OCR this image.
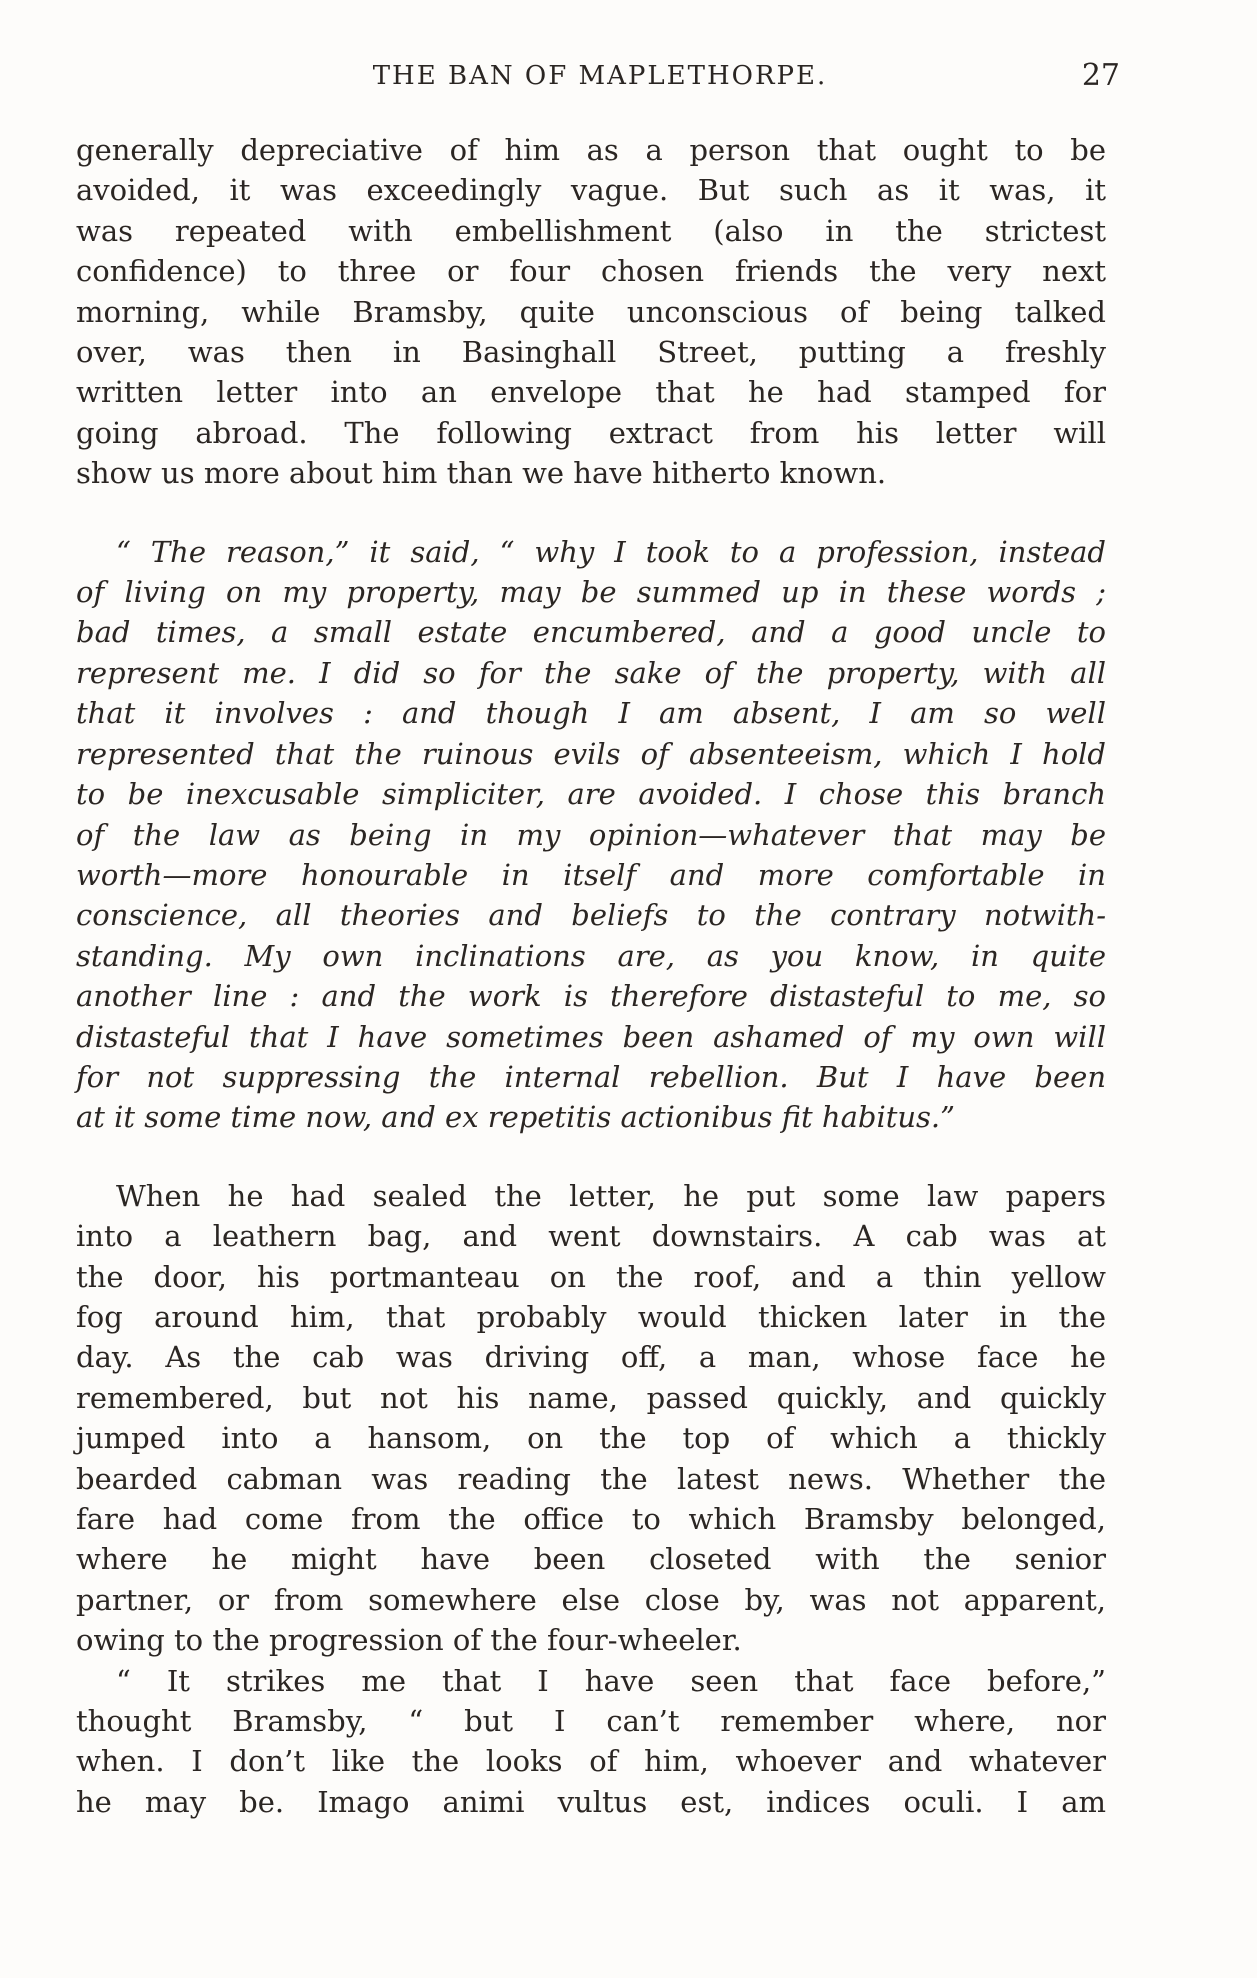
THE BAN OF MAPLETHORPE.	27
generally depreciative of him as a person that ought to be
avoided, it was exceedingly vague. But such as it was, it
was repeated with embellishment (also in the strictest
confidence) to three or four chosen friends the very next
morning, while Bramsby, quite unconscious of being talked
over, was then in Basinghall Street, putting a freshly
written letter into an envelope that he had stamped for
going abroad. The following extract from his letter will
show us more about him than we have hitherto known.
“ The reason,” it said, “ why I took to a profession, instead
of living on my property, may be summed up in these words ;
bad times, a small estate encumbered, and a good uncle to
represent me. I did so for the sake of the property, with all
that it involves : and though I am absent, I am so well
represented that the ruinous evils of absenteeism, which I hold
to be inexcusable simpliciter, are avoided. I chose this branch
of the law as being in my opinion—whatever that may be
worth—more honourable in itself and more comfortable in
conscience, all theories and beliefs to the contrary notwith-
standing. My own inclinations are, as you know, in quite
another line : and the work is therefore distasteful to me, so
distasteful that I have sometimes been ashamed of my own will
for not suppressing the internal rebellion. But I have been
at it some time now, and ex repetitis actionibus fit habitus.”
When he had sealed the letter, he put some law papers
into a leathern bag, and went downstairs. A cab was at
the door, his portmanteau on the roof, and a thin yellow
fog around him, that probably would thicken later in the
day. As the cab was driving off, a man, whose face he
remembered, but not his name, passed quickly, and quickly
jumped into a hansom, on the top of which a thickly
bearded cabman was reading the latest news. Whether the
fare had come from the office to which Bramsby belonged,
where he might have been closeted with the senior
partner, or from somewhere else close by, was not apparent,
owing to the progression of the four-wheeler.
“ It strikes me that I have seen that face before,”
thought Bramsby, “ but I can’t remember where, nor
when. I don’t like the looks of him, whoever and whatever
he may be. Imago animi vultus est, indices oculi. I am
